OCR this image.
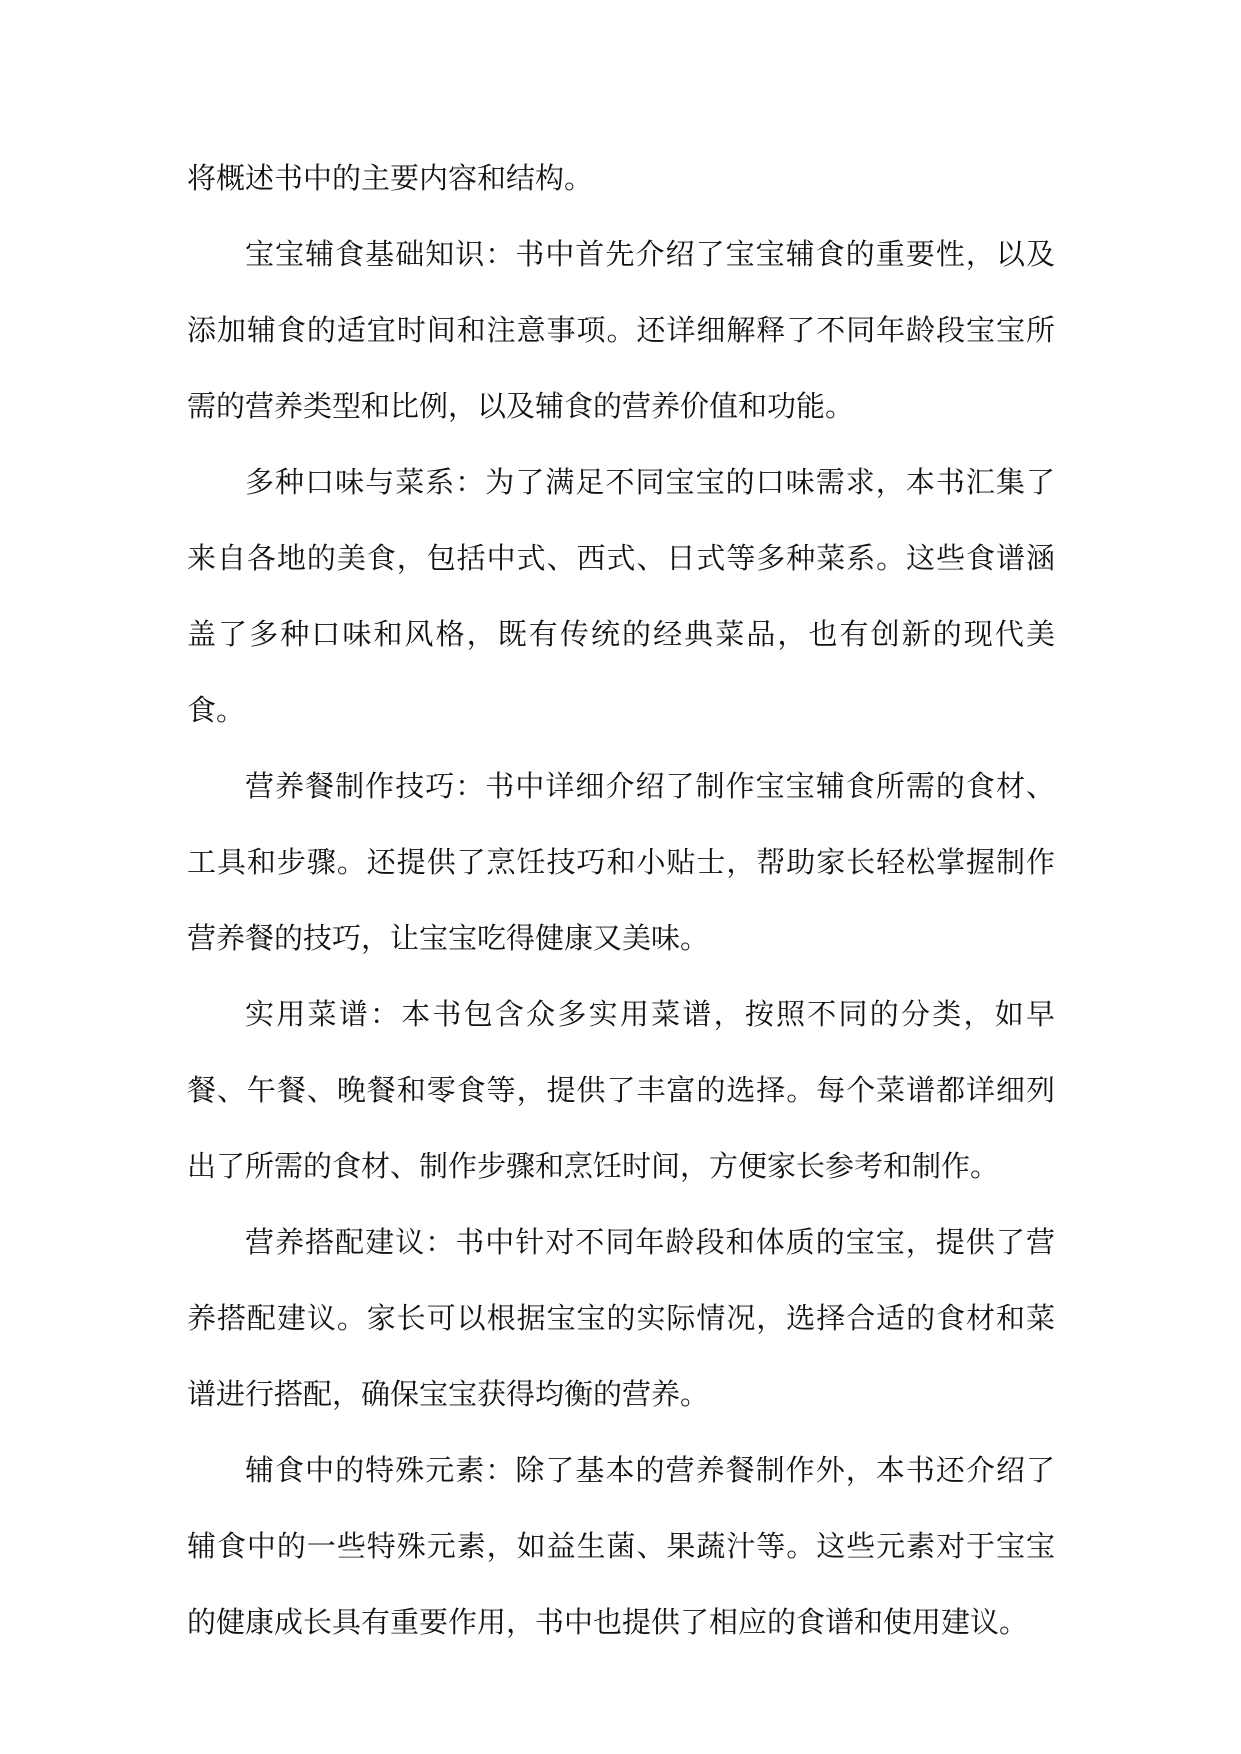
将概述书中的主要内容和结构。

宝宝辅食基础知识：书中首先介绍了宝宝辅食的重要性，以及添加辅食的适宜时间和注意事项。还详细解释了不同年龄段宝宝所需的营养类型和比例，以及辅食的营养价值和功能。

多种口味与菜系：为了满足不同宝宝的口味需求，本书汇集了来自各地的美食，包括中式、西式、日式等多种菜系。这些食谱涵盖了多种口味和风格，既有传统的经典菜品，也有创新的现代美食。

营养餐制作技巧：书中详细介绍了制作宝宝辅食所需的食材、工具和步骤。还提供了烹饪技巧和小贴士，帮助家长轻松掌握制作营养餐的技巧，让宝宝吃得健康又美味。

实用菜谱：本书包含众多实用菜谱，按照不同的分类，如早餐、午餐、晚餐和零食等，提供了丰富的选择。每个菜谱都详细列出了所需的食材、制作步骤和烹饪时间，方便家长参考和制作。

营养搭配建议：书中针对不同年龄段和体质的宝宝，提供了营养搭配建议。家长可以根据宝宝的实际情况，选择合适的食材和菜谱进行搭配，确保宝宝获得均衡的营养。

辅食中的特殊元素：除了基本的营养餐制作外，本书还介绍了辅食中的一些特殊元素，如益生菌、果蔬汁等。这些元素对于宝宝的健康成长具有重要作用，书中也提供了相应的食谱和使用建议。
